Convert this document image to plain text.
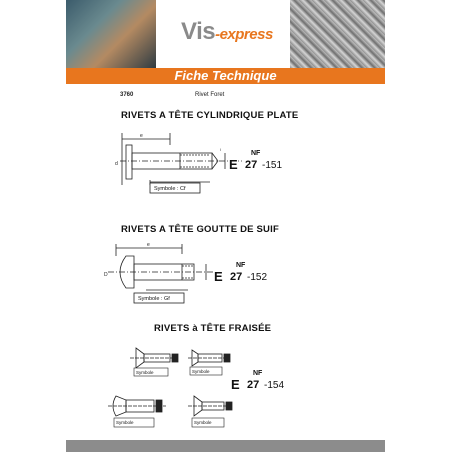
Vis-express
Fiche Technique
3760	Rivet Foret
RIVETS A TÊTE CYLINDRIQUE PLATE
e
d
l
Symbole : Cf
NF
E 27 -151
RIVETS A TÊTE GOUTTE DE SUIF
e
D
Symbole : Gf
NF
E 27 -152
RIVETS à TÊTE FRAISÉE
Symbole	Symbole
Symbole	Symbole
NF
E 27 -154
